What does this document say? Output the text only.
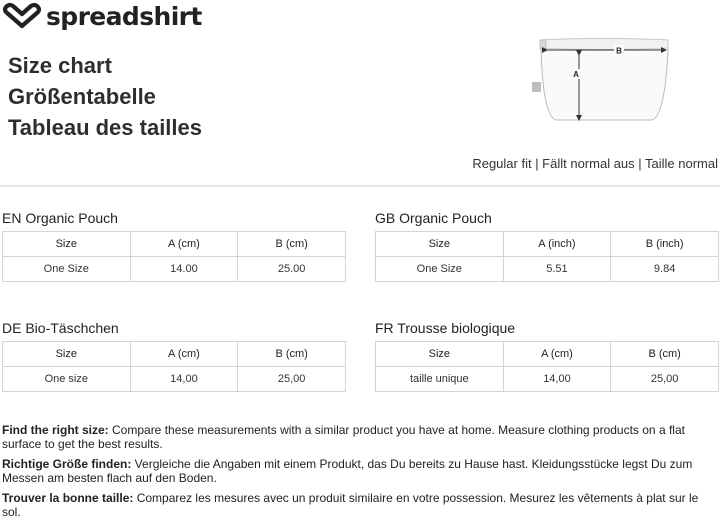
spreadshirt
Size chart
Größentabelle
Tableau des tailles
B
A
Regular fit | Fällt normal aus | Taille normal
EN Organic Pouch
Size	A (cm)	B (cm)
One Size	14.00	25.00
GB Organic Pouch
Size	A (inch)	B (inch)
One Size	5.51	9.84
DE Bio-Täschchen
Size	A (cm)	B (cm)
One size	14,00	25,00
FR Trousse biologique
Size	A (cm)	B (cm)
taille unique	14,00	25,00

Find the right size: Compare these measurements with a similar product you have at home. Measure clothing products on a flat surface to get the best results.

Richtige Größe finden: Vergleiche die Angaben mit einem Produkt, das Du bereits zu Hause hast. Kleidungsstücke legst Du zum Messen am besten flach auf den Boden.

Trouver la bonne taille: Comparez les mesures avec un produit similaire en votre possession. Mesurez les vêtements à plat sur le sol.
